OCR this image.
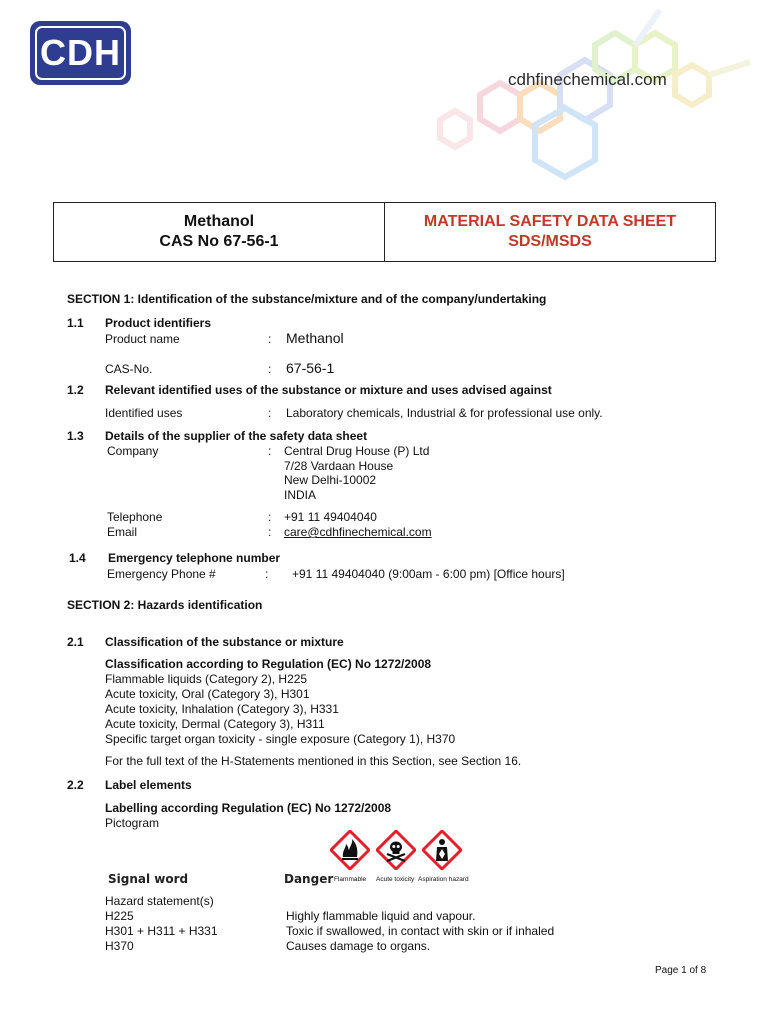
CDH
cdhfinechemical.com
Methanol
CAS No 67-56-1
MATERIAL SAFETY DATA SHEET
SDS/MSDS
SECTION 1: Identification of the substance/mixture and of the company/undertaking
1.1 Product identifiers
Product name	: Methanol
CAS-No.	: 67-56-1
1.2 Relevant identified uses of the substance or mixture and uses advised against
Identified uses	: Laboratory chemicals, Industrial & for professional use only.
1.3 Details of the supplier of the safety data sheet
Company	: Central Drug House (P) Ltd
7/28 Vardaan House
New Delhi-10002
INDIA
Telephone	: +91 11 49404040
Email	: care@cdhfinechemical.com
1.4 Emergency telephone number
Emergency Phone #	: +91 11 49404040 (9:00am - 6:00 pm) [Office hours]
SECTION 2: Hazards identification
2.1 Classification of the substance or mixture
Classification according to Regulation (EC) No 1272/2008
Flammable liquids (Category 2), H225
Acute toxicity, Oral (Category 3), H301
Acute toxicity, Inhalation (Category 3), H331
Acute toxicity, Dermal (Category 3), H311
Specific target organ toxicity - single exposure (Category 1), H370
For the full text of the H-Statements mentioned in this Section, see Section 16.
2.2 Label elements
Labelling according Regulation (EC) No 1272/2008
Pictogram
Flammable Acute toxicity Aspiration hazard
Signal word	Danger
Hazard statement(s)
H225	Highly flammable liquid and vapour.
H301 + H311 + H331	Toxic if swallowed, in contact with skin or if inhaled
H370	Causes damage to organs.
Page 1 of 8
